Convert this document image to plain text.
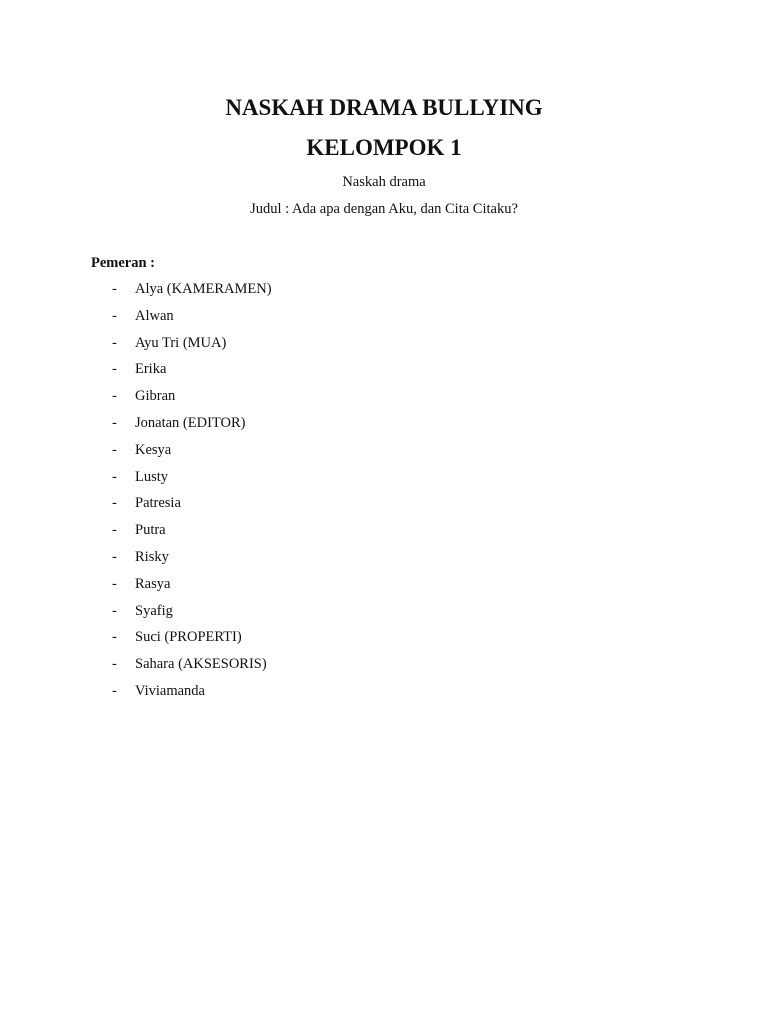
NASKAH DRAMA BULLYING
KELOMPOK 1

Naskah drama

Judul : Ada apa dengan Aku, dan Cita Citaku?

Pemeran :

- Alya (KAMERAMEN)
- Alwan
- Ayu Tri (MUA)
- Erika
- Gibran
- Jonatan (EDITOR)
- Kesya
- Lusty
- Patresia
- Putra
- Risky
- Rasya
- Syafig
- Suci (PROPERTI)
- Sahara (AKSESORIS)
- Viviamanda
